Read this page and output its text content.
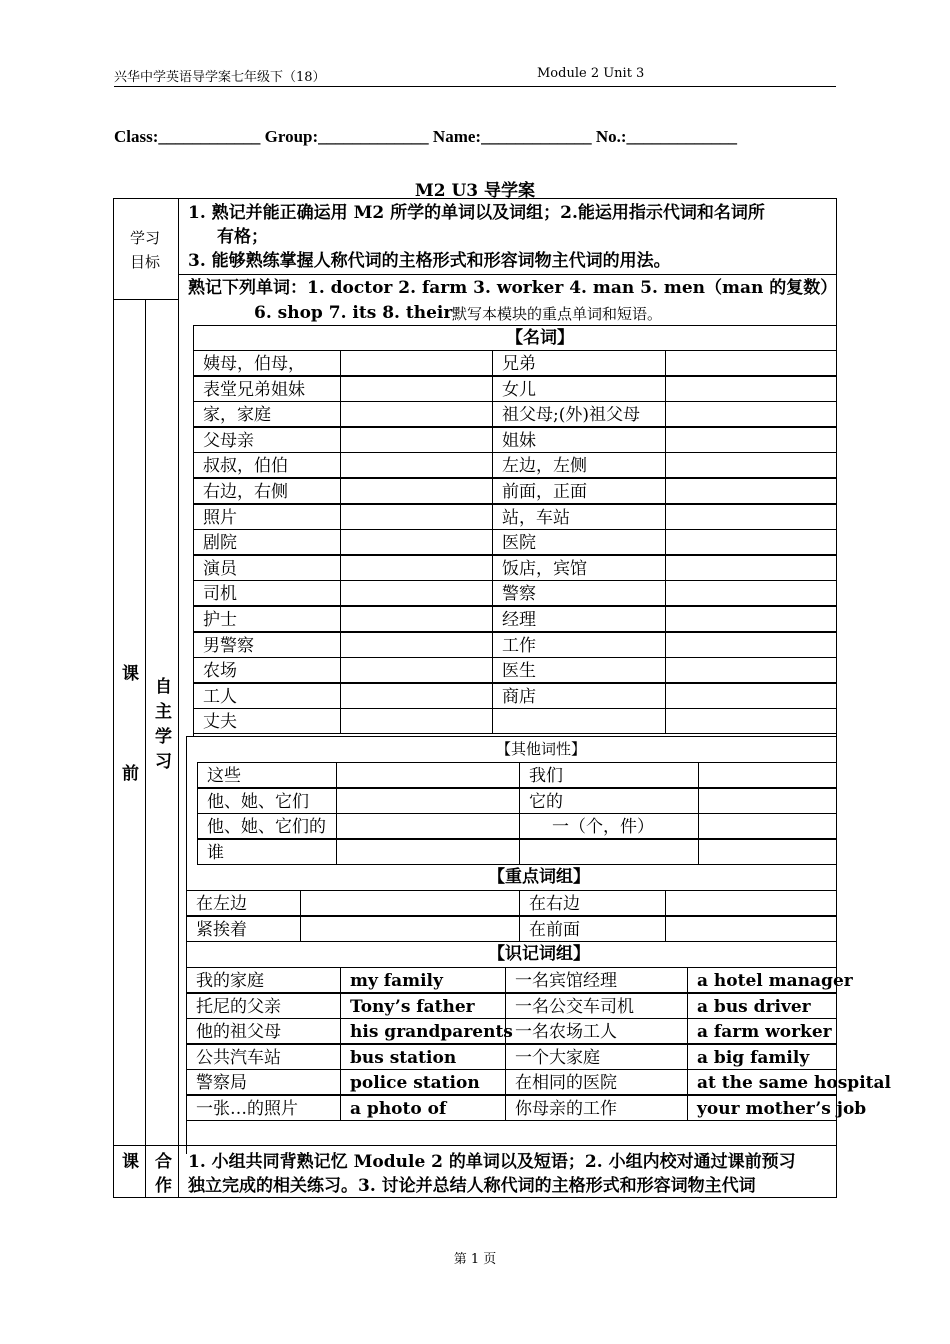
兴华中学英语导学案七年级下（18）	Module 2 Unit 3
Class:____________ Group:_____________ Name:_____________ No.:_____________
M2 U3 导学案
学习
目标
1. 熟记并能正确运用 M2 所学的单词以及词组；2.能运用指示代词和名词所
有格；
3. 能够熟练掌握人称代词的主格形式和形容词物主代词的用法。
课
前
自
主
学
习
熟记下列单词：1. doctor 2. farm 3. worker 4. man 5. men（man 的复数）
6. shop 7. its 8. their 默写本模块的重点单词和短语。
【名词】
姨母，伯母，	兄弟
表堂兄弟姐妹	女儿
家，家庭	祖父母;(外)祖父母
父母亲	姐妹
叔叔，伯伯	左边，左侧
右边，右侧	前面，正面
照片	站，车站
剧院	医院
演员	饭店，宾馆
司机	警察
护士	经理
男警察	工作
农场	医生
工人	商店
丈夫
【其他词性】
这些	我们
他、她、它们	它的
他、她、它们的	一（个，件）
谁
【重点词组】
在左边	在右边
紧挨着	在前面
【识记词组】
我的家庭	my family	一名宾馆经理	a hotel manager
托尼的父亲	Tony’s father	一名公交车司机	a bus driver
他的祖父母	his grandparents 一名农场工人	a farm worker
公共汽车站	bus station	一个大家庭	a big family
警察局	police station	在相同的医院	at the same hospital
一张…的照片	a photo of	你母亲的工作	your mother’s job
课 合
作
1. 小组共同背熟记忆 Module 2 的单词以及短语；2. 小组内校对通过课前预习
独立完成的相关练习。3. 讨论并总结人称代词的主格形式和形容词物主代词
第 1 页
